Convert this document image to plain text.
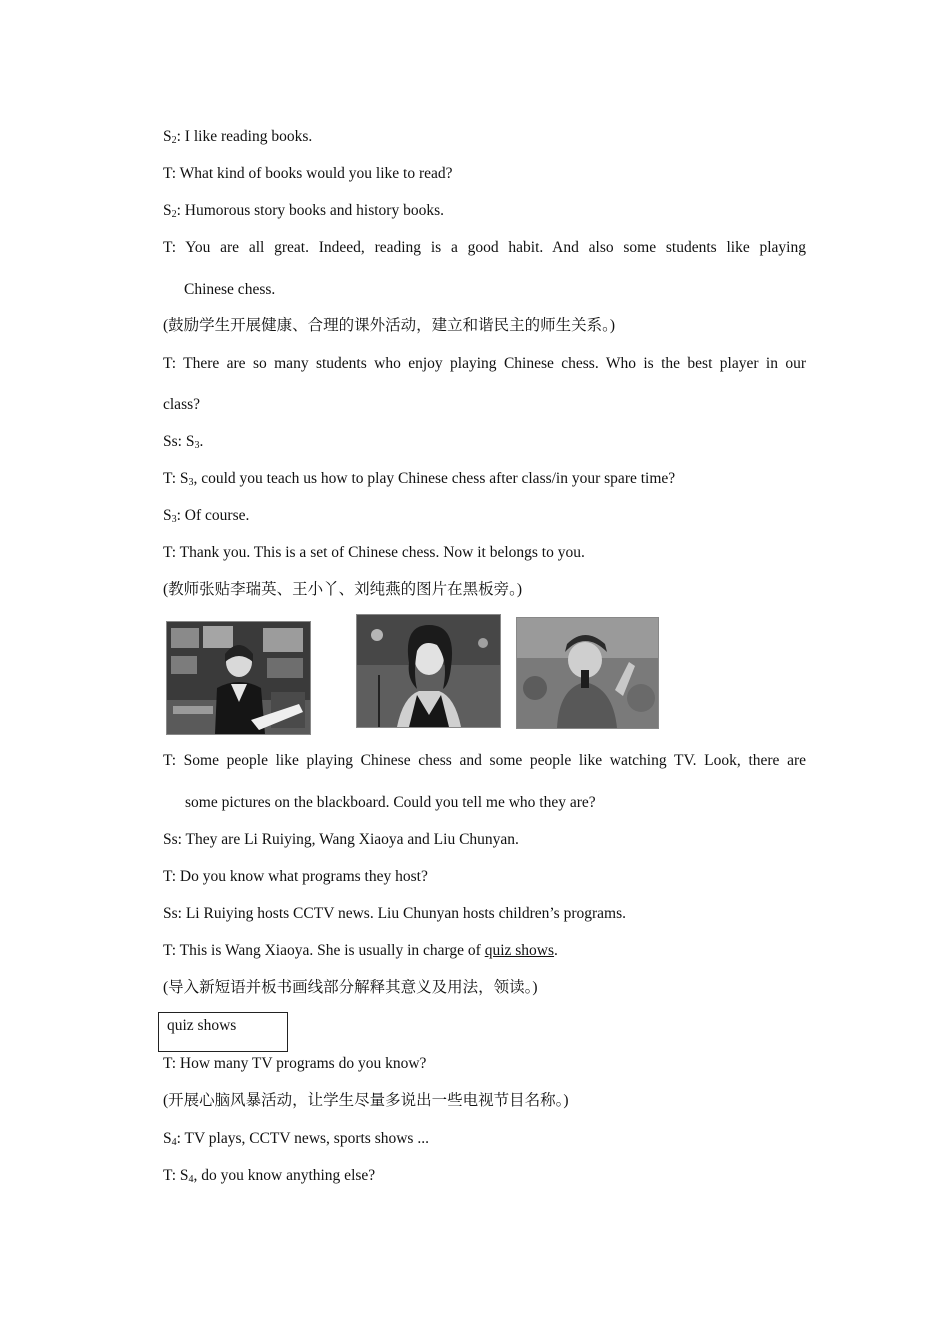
$S_2$: I like reading books.
T: What kind of books would you like to read?
$S_2$: Humorous story books and history books.
T: You are all great. Indeed, reading is a good habit. And also some students like playing
Chinese chess.
(鼓励学生开展健康、合理的课外活动，建立和谐民主的师生关系。)
T: There are so many students who enjoy playing Chinese chess. Who is the best player in our
class?
Ss: $S_3$.
T: $S_3$, could you teach us how to play Chinese chess after class/in your spare time?
$S_3$: Of course.
T: Thank you. This is a set of Chinese chess. Now it belongs to you.
(教师张贴李瑞英、王小丫、刘纯燕的图片在黑板旁。)
T: Some people like playing Chinese chess and some people like watching TV. Look, there are
some pictures on the blackboard. Could you tell me who they are?
Ss: They are Li Ruiying, Wang Xiaoya and Liu Chunyan.
T: Do you know what programs they host?
Ss: Li Ruiying hosts CCTV news. Liu Chunyan hosts children’s programs.
T: This is Wang Xiaoya. She is usually in charge of quiz shows.
(导入新短语并板书画线部分解释其意义及用法，领读。)
quiz shows
T: How many TV programs do you know?
(开展心脑风暴活动，让学生尽量多说出一些电视节目名称。)
$S_4$: TV plays, CCTV news, sports shows ...
T: $S_4$, do you know anything else?
